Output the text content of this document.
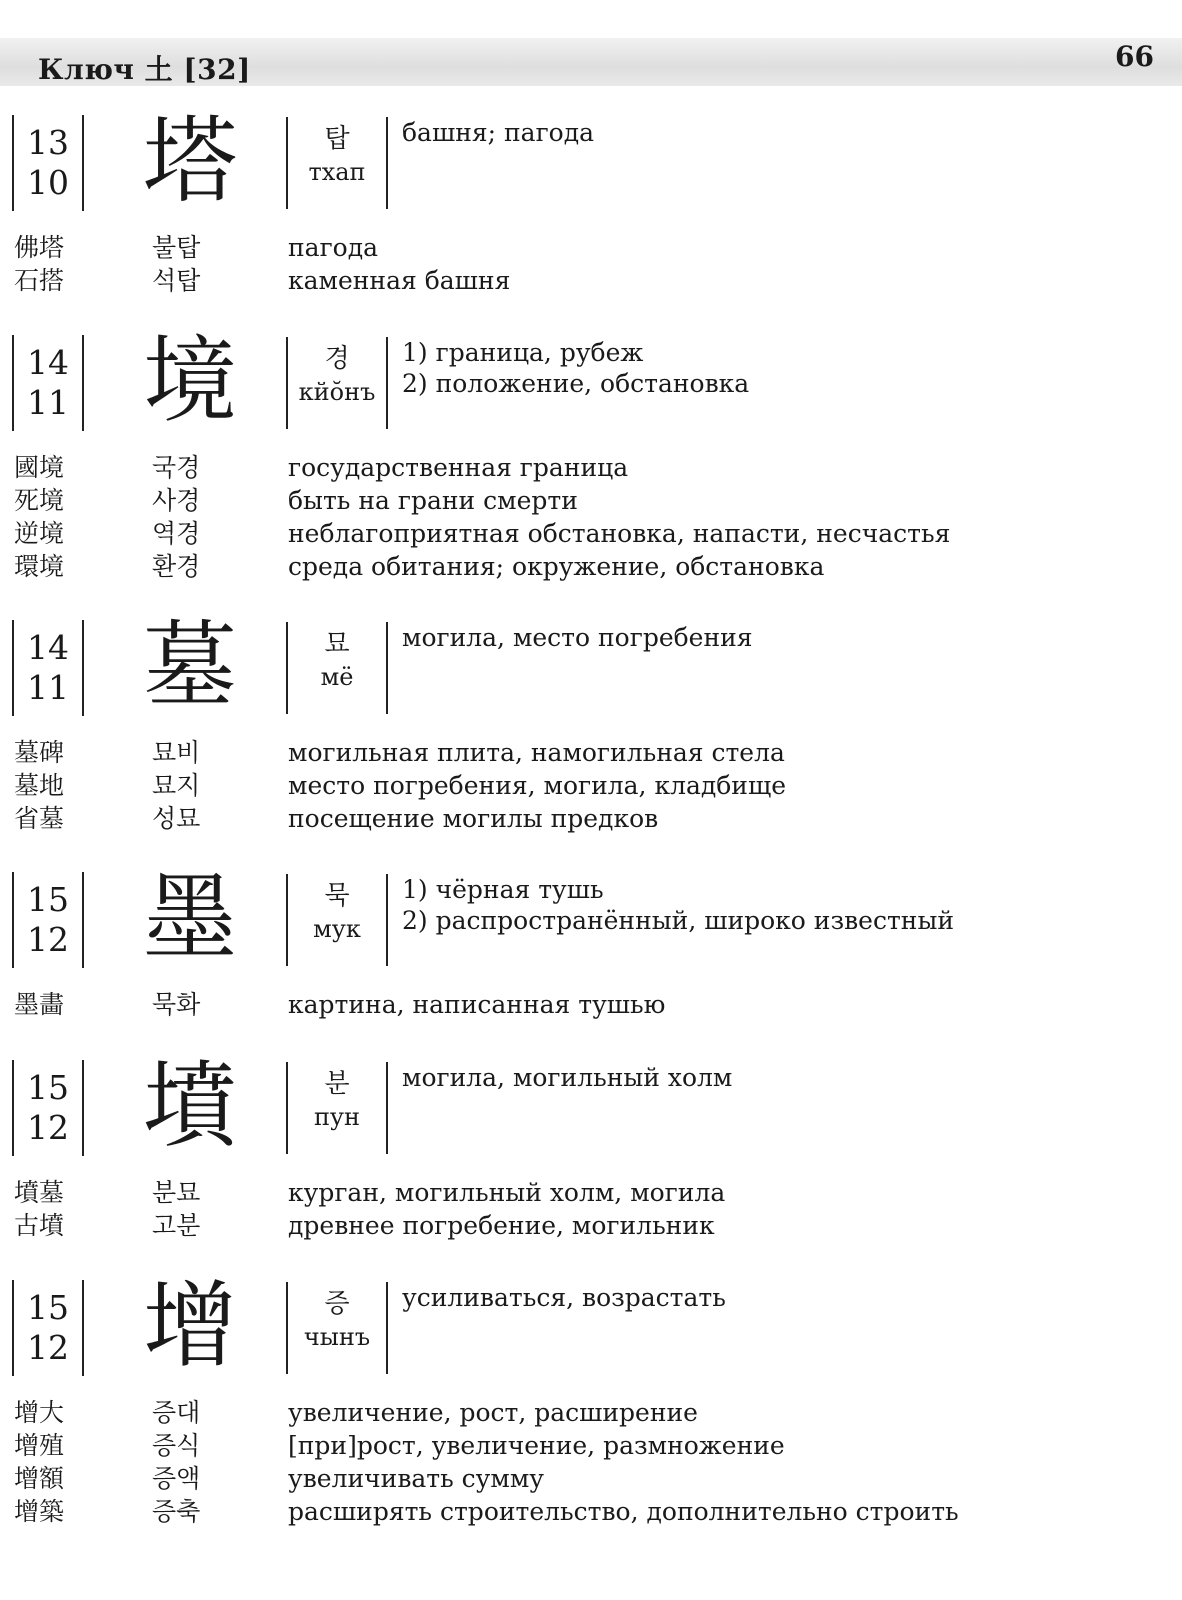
Ключ 土 [32]	66
13
10 塔	탑
тхап
башня; пагода
佛塔	불탑	пагода
石搭	석탑	каменная башня
14
11 境	경
кйŏнъ
1) граница, рубеж
2) положение, обстановка
國境	국경	государственная граница
死境	사경	быть на грани смерти
逆境	역경	неблагоприятная обстановка, напасти, несчастья
環境	환경	среда обитания; окружение, обстановка
14
11 墓	묘
мё
могила, место погребения
墓碑	묘비	могильная плита, намогильная стела
墓地	묘지	место погребения, могила, кладбище
省墓	성묘	посещение могилы предков
15
12 墨	묵
мук
1) чёрная тушь
2) распространённый, широко известный
墨畵	묵화	картина, написанная тушью
15
12 墳	분
пун
могила, могильный холм
墳墓	분묘	курган, могильный холм, могила
古墳	고분	древнее погребение, могильник
15
12 增	증
чынъ
усиливаться, возрастать
增大	증대	увеличение, рост, расширение
增殖	증식	[при]рост, увеличение, размножение
增額	증액	увеличивать сумму
增築	증축	расширять строительство, дополнительно строить
